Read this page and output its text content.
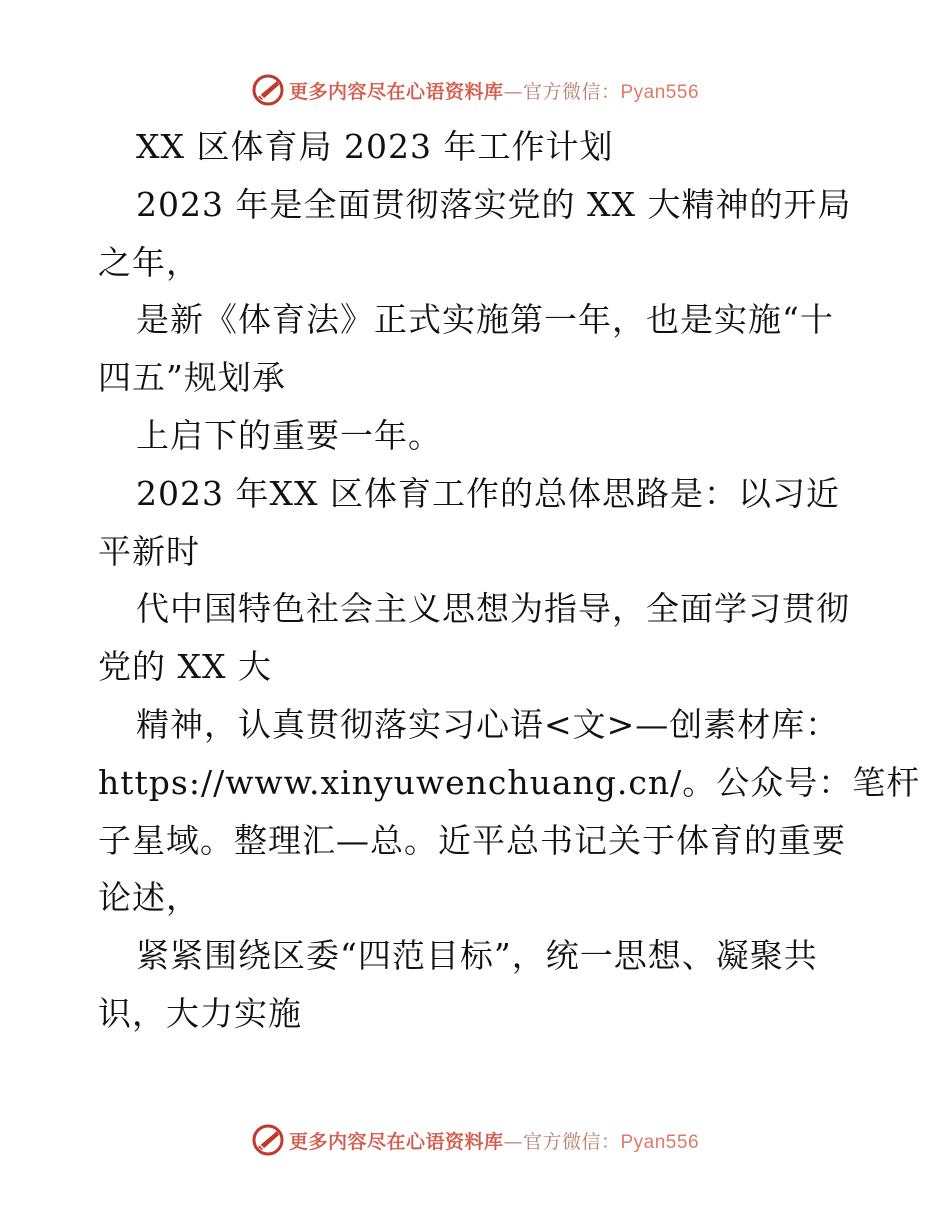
更多内容尽在心语资料库—官方微信：Pyan556
XX 区体育局 2023 年工作计划
2023 年是全面贯彻落实党的 XX 大精神的开局
之年，
是新《体育法》正式实施第一年，也是实施“十
四五”规划承
上启下的重要一年。
2023 年XX 区体育工作的总体思路是：以习近
平新时
代中国特色社会主义思想为指导，全面学习贯彻
党的 XX 大
精神，认真贯彻落实习心语<文>—创素材库：
https://www.xinyuwenchuang.cn/。公众号：笔杆
子星域。整理汇—总。近平总书记关于体育的重要
论述，
紧紧围绕区委“四范目标”，统一思想、凝聚共
识，大力实施
更多内容尽在心语资料库—官方微信：Pyan556
